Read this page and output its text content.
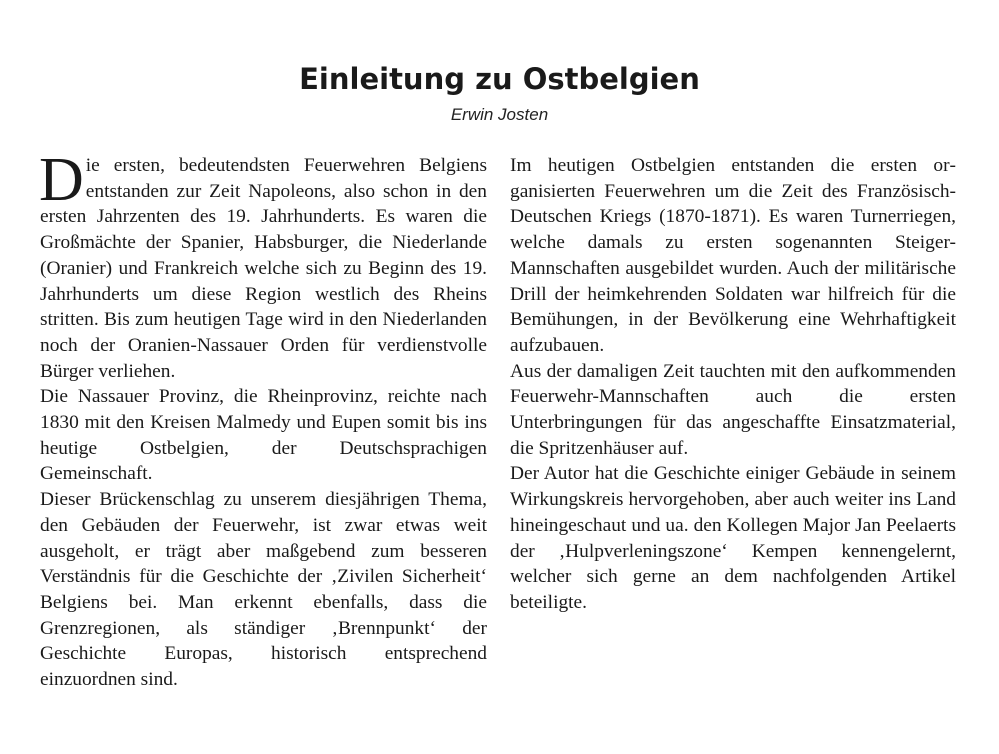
Einleitung zu Ostbelgien
Erwin Josten

Die ersten, bedeutendsten Feuerwehren Belgiens entstanden zur Zeit Napoleons, also schon in den ersten Jahrzenten des 19. Jahrhunderts. Es waren die Großmächte der Spanier, Habsburger, die Niederlande (Oranier) und Frankreich welche sich zu Beginn des 19. Jahrhunderts um diese Region westlich des Rheins stritten. Bis zum heutigen Tage wird in den Niederlanden noch der Oranien-Nassauer Orden für verdienstvolle Bürger verliehen.

Die Nassauer Provinz, die Rheinprovinz, reichte nach 1830 mit den Kreisen Malmedy und Eupen somit bis ins heutige Ostbelgien, der Deutschsprachigen Gemeinschaft.

Dieser Brückenschlag zu unserem diesjährigen Thema, den Gebäuden der Feuerwehr, ist zwar etwas weit ausgeholt, er trägt aber maßgebend zum besseren Verständnis für die Geschichte der ‚Zivilen Sicherheit‘ Belgiens bei. Man erkennt ebenfalls, dass die Grenzregionen, als ständiger ‚Brennpunkt‘ der Geschichte Europas, historisch entsprechend einzuordnen sind.

Im heutigen Ostbelgien entstanden die ersten organisierten Feuerwehren um die Zeit des Französisch-Deutschen Kriegs (1870-1871). Es waren Turnerriegen, welche damals zu ersten sogenannten Steiger-Mannschaften ausgebildet wurden. Auch der militärische Drill der heimkehrenden Soldaten war hilfreich für die Bemühungen, in der Bevölkerung eine Wehrhaftigkeit aufzubauen.

Aus der damaligen Zeit tauchten mit den aufkommenden Feuerwehr-Mannschaften auch die ersten Unterbringungen für das angeschaffte Einsatzmaterial, die Spritzenhäuser auf.

Der Autor hat die Geschichte einiger Gebäude in seinem Wirkungskreis hervorgehoben, aber auch weiter ins Land hineingeschaut und ua. den Kollegen Major Jan Peelaerts der ‚Hulpverleningszone‘ Kempen kennengelernt, welcher sich gerne an dem nachfolgenden Artikel beteiligte.
